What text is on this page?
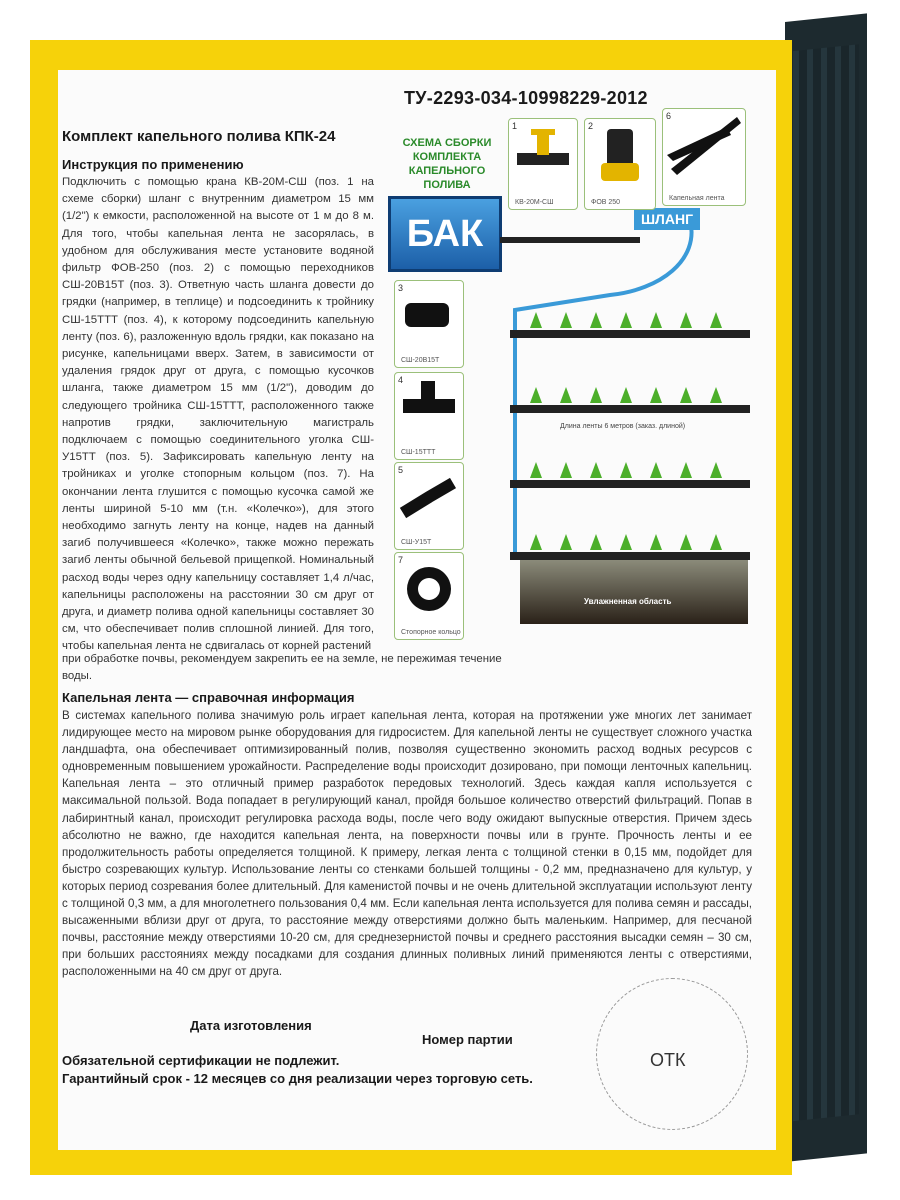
ТУ-2293-034-10998229-2012
Комплект капельного полива КПК-24
Инструкция по применению
Подключить с помощью крана КВ-20М-СШ (поз. 1 на схеме сборки) шланг с внутренним диаметром 15 мм (1/2") к емкости, расположенной на высоте от 1 м до 8 м. Для того, чтобы капельная лента не засорялась, в удобном для обслуживания месте установите водяной фильтр ФОВ-250 (поз. 2) с помощью переходников СШ-20В15Т (поз. 3). Ответную часть шланга довести до грядки (например, в теплице) и подсоединить к тройнику СШ-15ТТТ (поз. 4), к которому подсоединить капельную ленту (поз. 6), разложенную вдоль грядки, как показано на рисунке, капельницами вверх. Затем, в зависимости от удаления грядок друг от друга, с помощью кусочков шланга, также диаметром 15 мм (1/2"), доводим до следующего тройника СШ-15ТТТ, расположенного также напротив грядки, заключительную магистраль подключаем с помощью соединительного уголка СШ-У15ТТ (поз. 5). Зафиксировать капельную ленту на тройниках и уголке стопорным кольцом (поз. 7). На окончании лента глушится с помощью кусочка самой же ленты шириной 5-10 мм (т.н. «Колечко»), для этого необходимо загнуть ленту на конце, надев на данный загиб получившееся «Колечко», также можно пережать загиб ленты обычной бельевой прищепкой. Номинальный расход воды через одну капельницу составляет 1,4 л/час, капельницы расположены на расстоянии 30 см друг от друга, и диаметр полива одной капельницы составляет 30 см, что обеспечивает полив сплошной линией. Для того, чтобы капельная лента не сдвигалась от корней растений
при обработке почвы, рекомендуем закрепить ее на земле, не пережимая течение воды.
СХЕМА СБОРКИ КОМПЛЕКТА КАПЕЛЬНОГО ПОЛИВА
БАК	ШЛАНГ
1
КВ-20М-СШ
2
ФОВ 250
6
Капельная лента
3
СШ-20В15Т
4
СШ-15ТТТ
5
СШ-У15Т
7
Стопорное кольцо
Длина ленты 6 метров (заказ. длиной)
Увлажненная область
Капельная лента — справочная информация
В системах капельного полива значимую роль играет капельная лента, которая на протяжении уже многих лет занимает лидирующее место на мировом рынке оборудования для гидросистем. Для капельной ленты не существует сложного участка ландшафта, она обеспечивает оптимизированный полив, позволяя существенно экономить расход водных ресурсов с одновременным повышением урожайности. Распределение воды происходит дозировано, при помощи ленточных капельниц. Капельная лента – это отличный пример разработок передовых технологий. Здесь каждая капля используется с максимальной пользой. Вода попадает в регулирующий канал, пройдя большое количество отверстий фильтраций. Попав в лабиринтный канал, происходит регулировка расхода воды, после чего воду ожидают выпускные отверстия. Причем здесь абсолютно не важно, где находится капельная лента, на поверхности почвы или в грунте. Прочность ленты и ее продолжительность работы определяется толщиной. К примеру, легкая лента с толщиной стенки в 0,15 мм, подойдет для быстро созревающих культур. Использование ленты со стенками большей толщины - 0,2 мм, предназначено для культур, у которых период созревания более длительный. Для каменистой почвы и не очень длительной эксплуатации используют ленту с толщиной 0,3 мм, а для многолетнего пользования 0,4 мм. Если капельная лента используется для полива семян и рассады, высаженными вблизи друг от друга, то расстояние между отверстиями должно быть маленьким. Например, для песчаной почвы, расстояние между отверстиями 10-20 см, для среднезернистой почвы и среднего расстояния высадки семян – 30 см, при больших расстояниях между посадками для создания длинных поливных линий применяются ленты с отверстиями, расположенными на 40 см друг от друга.
ОТК
Дата изготовления
Номер партии
Обязательной сертификации не подлежит.
Гарантийный срок - 12 месяцев со дня реализации через торговую сеть.
